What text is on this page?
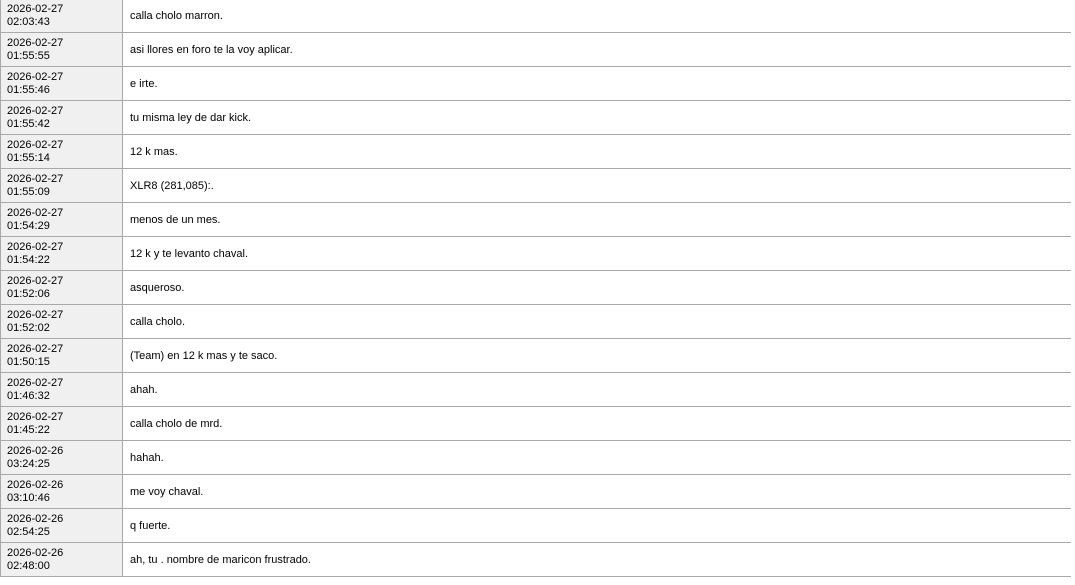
2026-02-27
02:03:43	calla cholo marron.

2026-02-27
01:55:55	asi llores en foro te la voy aplicar.

2026-02-27
01:55:46	e irte.

2026-02-27
01:55:42	tu misma ley de dar kick.

2026-02-27
01:55:14	12 k mas.

2026-02-27
01:55:09	XLR8 (281,085):.

2026-02-27
01:54:29	menos de un mes.

2026-02-27
01:54:22	12 k y te levanto chaval.

2026-02-27
01:52:06	asqueroso.

2026-02-27
01:52:02	calla cholo.

2026-02-27
01:50:15	(Team) en 12 k mas y te saco.

2026-02-27
01:46:32	ahah.

2026-02-27
01:45:22	calla cholo de mrd.

2026-02-26
03:24:25	hahah.

2026-02-26
03:10:46	me voy chaval.

2026-02-26
02:54:25	q fuerte.

2026-02-26
02:48:00	ah, tu . nombre de maricon frustrado.
